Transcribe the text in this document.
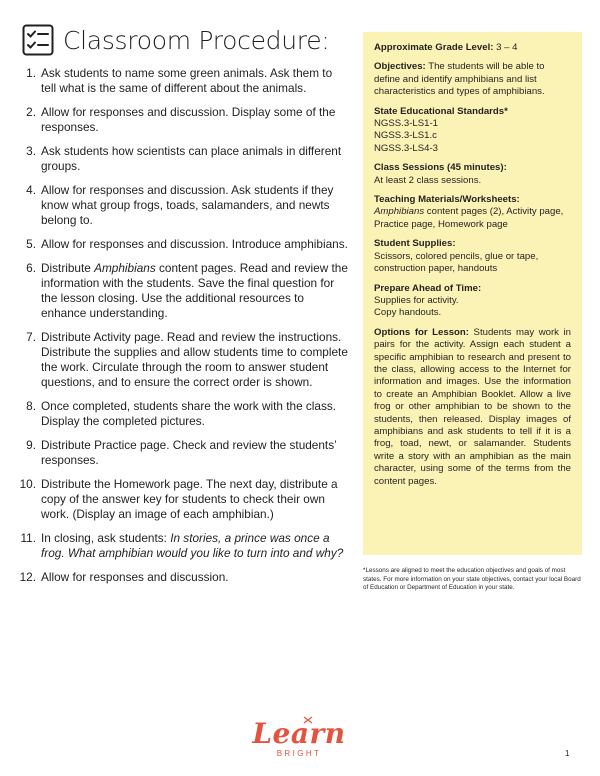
Classroom Procedure:
1. Ask students to name some green animals. Ask them to tell what is the same of different about the animals.
2. Allow for responses and discussion. Display some of the responses.
3. Ask students how scientists can place animals in different groups.
4. Allow for responses and discussion. Ask students if they know what group frogs, toads, salamanders, and newts belong to.
5. Allow for responses and discussion. Introduce amphibians.
6. Distribute Amphibians content pages. Read and review the information with the students. Save the final question for the lesson closing. Use the additional resources to enhance understanding.
7. Distribute Activity page. Read and review the instructions. Distribute the supplies and allow students time to complete the work. Circulate through the room to answer student questions, and to ensure the correct order is shown.
8. Once completed, students share the work with the class. Display the completed pictures.
9. Distribute Practice page. Check and review the students’ responses.
10. Distribute the Homework page. The next day, distribute a copy of the answer key for students to check their own work. (Display an image of each amphibian.)
11. In closing, ask students: In stories, a prince was once a frog. What amphibian would you like to turn into and why?
12. Allow for responses and discussion.
Approximate Grade Level: 3 – 4
Objectives: The students will be able to define and identify amphibians and list characteristics and types of amphibians.
State Educational Standards*
NGSS.3-LS1-1
NGSS.3-LS1.c
NGSS.3-LS4-3
Class Sessions (45 minutes):
At least 2 class sessions.
Teaching Materials/Worksheets:
Amphibians content pages (2), Activity page, Practice page, Homework page
Student Supplies:
Scissors, colored pencils, glue or tape, construction paper, handouts
Prepare Ahead of Time:
Supplies for activity.
Copy handouts.
Options for Lesson: Students may work in pairs for the activity. Assign each student a specific amphibian to research and present to the class, allowing access to the Internet for information and images. Use the information to create an Amphibian Booklet. Allow a live frog or other amphibian to be shown to the students, then released. Display images of amphibians and ask students to tell if it is a frog, toad, newt, or salamander. Students write a story with an amphibian as the main character, using some of the terms from the content pages.
*Lessons are aligned to meet the education objectives and goals of most states. For more information on your state objectives, contact your local Board of Education or Department of Education in your state.
Learn
BRIGHT	1
